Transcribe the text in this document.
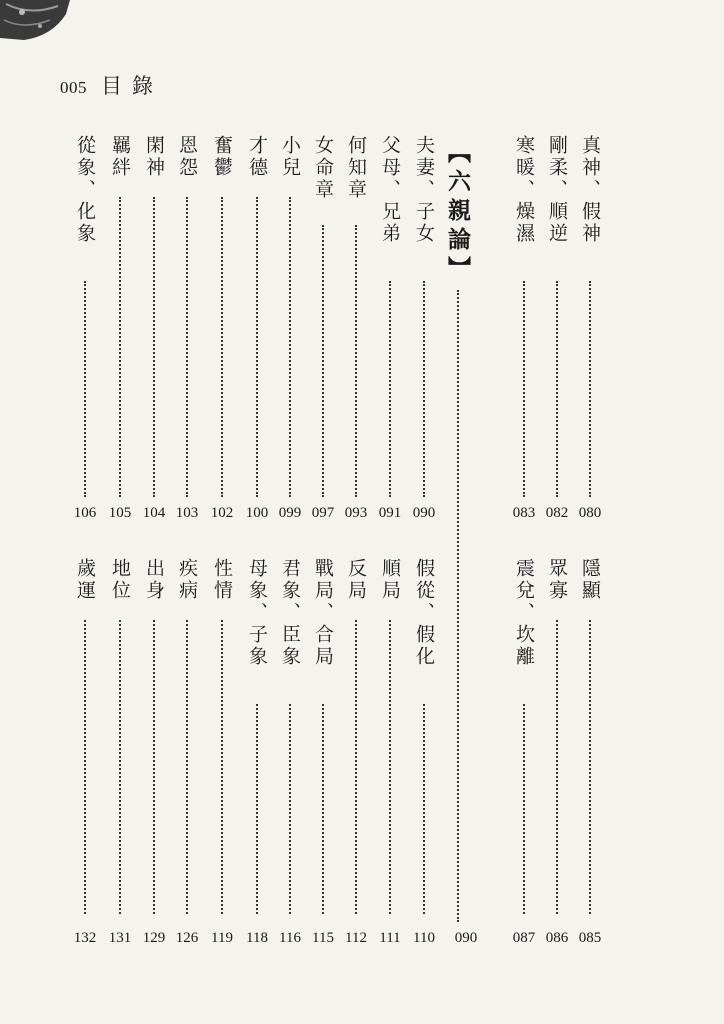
005 目錄
真神、假神
080
剛柔、順逆
082
寒暖、燥濕
083
隱顯
085
眾寡
086
震兌、坎離
087
夫妻、子女
090
父母、兄弟
091
何知章
093
女命章
097
小兒
099
才德
100
奮鬱
102
恩怨
103
閑神
104
羈絆
105
從象、化象
106
假從、假化
110
順局
111
反局
112
戰局、合局
115
君象、臣象
116
母象、子象
118
性情
119
疾病
126
出身
129
地位
131
歲運
132
【六親論】
090
